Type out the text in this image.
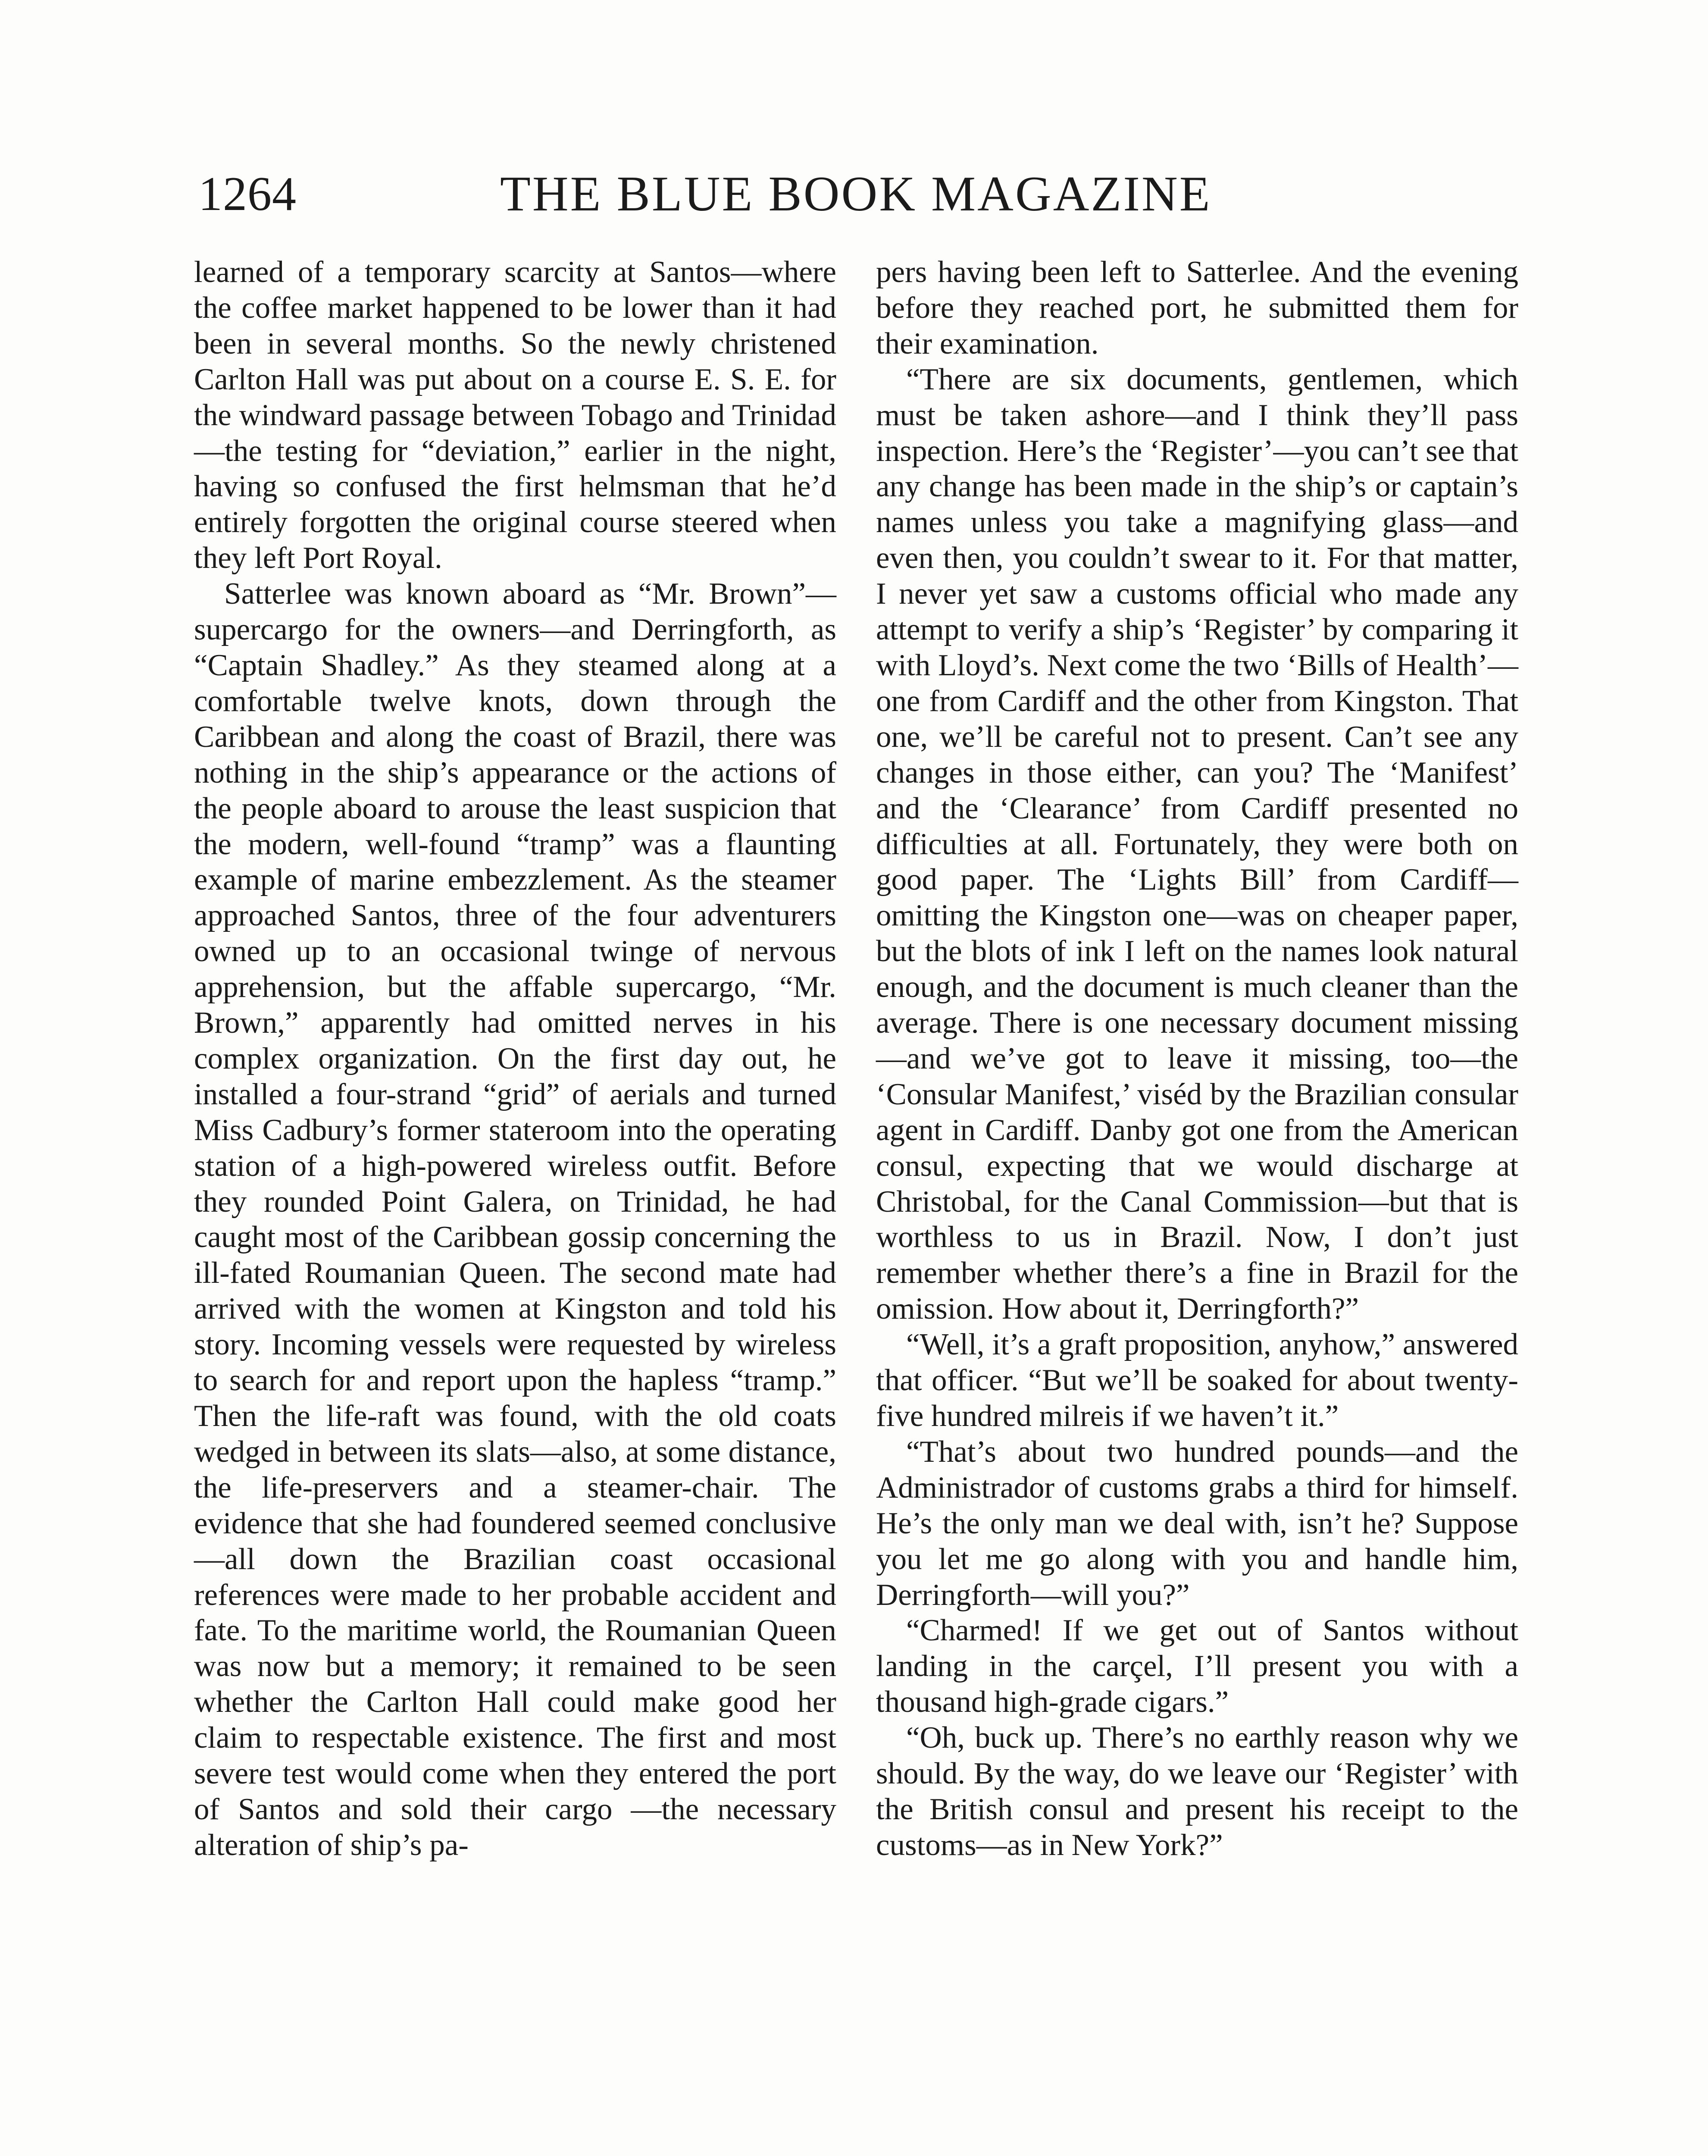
1264	THE BLUE BOOK MAGAZINE

learned of a temporary scarcity at Santos—where the coffee market happened to be lower than it had been in several months. So the newly christened Carlton Hall was put about on a course E. S. E. for the windward passage between Tobago and Trinidad—the testing for “deviation,” earlier in the night, having so confused the first helmsman that he’d entirely forgotten the original course steered when they left Port Royal.

Satterlee was known aboard as “Mr. Brown”—supercargo for the owners—and Derringforth, as “Captain Shadley.” As they steamed along at a comfortable twelve knots, down through the Caribbean and along the coast of Brazil, there was nothing in the ship’s appearance or the actions of the people aboard to arouse the least suspicion that the modern, well-found “tramp” was a flaunting example of marine embezzlement. As the steamer approached Santos, three of the four adventurers owned up to an occasional twinge of nervous apprehension, but the affable supercargo, “Mr. Brown,” apparently had omitted nerves in his complex organization. On the first day out, he installed a four-strand “grid” of aerials and turned Miss Cadbury’s former stateroom into the operating station of a high-powered wireless outfit. Before they rounded Point Galera, on Trinidad, he had caught most of the Caribbean gossip concerning the ill-fated Roumanian Queen. The second mate had arrived with the women at Kingston and told his story. Incoming vessels were requested by wireless to search for and report upon the hapless “tramp.” Then the life-raft was found, with the old coats wedged in between its slats—also, at some distance, the life-preservers and a steamer-chair. The evidence that she had foundered seemed conclusive—all down the Brazilian coast occasional references were made to her probable accident and fate. To the maritime world, the Roumanian Queen was now but a memory; it remained to be seen whether the Carlton Hall could make good her claim to respectable existence. The first and most severe test would come when they entered the port of Santos and sold their cargo —the necessary alteration of ship’s pa-

pers having been left to Satterlee. And the evening before they reached port, he submitted them for their examination.

“There are six documents, gentlemen, which must be taken ashore—and I think they’ll pass inspection. Here’s the ‘Register’—you can’t see that any change has been made in the ship’s or captain’s names unless you take a magnifying glass—and even then, you couldn’t swear to it. For that matter, I never yet saw a customs official who made any attempt to verify a ship’s ‘Register’ by comparing it with Lloyd’s. Next come the two ‘Bills of Health’—one from Cardiff and the other from Kingston. That one, we’ll be careful not to present. Can’t see any changes in those either, can you? The ‘Manifest’ and the ‘Clearance’ from Cardiff presented no difficulties at all. Fortunately, they were both on good paper. The ‘Lights Bill’ from Cardiff—omitting the Kingston one—was on cheaper paper, but the blots of ink I left on the names look natural enough, and the document is much cleaner than the average. There is one necessary document missing—and we’ve got to leave it missing, too—the ‘Consular Manifest,’ viséd by the Brazilian consular agent in Cardiff. Danby got one from the American consul, expecting that we would discharge at Christobal, for the Canal Commission—but that is worthless to us in Brazil. Now, I don’t just remember whether there’s a fine in Brazil for the omission. How about it, Derringforth?”

“Well, it’s a graft proposition, anyhow,” answered that officer. “But we’ll be soaked for about twenty-five hundred milreis if we haven’t it.”

“That’s about two hundred pounds—and the Administrador of customs grabs a third for himself. He’s the only man we deal with, isn’t he? Suppose you let me go along with you and handle him, Derringforth—will you?”

“Charmed! If we get out of Santos without landing in the carçel, I’ll present you with a thousand high-grade cigars.”

“Oh, buck up. There’s no earthly reason why we should. By the way, do we leave our ‘Register’ with the British consul and present his receipt to the customs—as in New York?”
